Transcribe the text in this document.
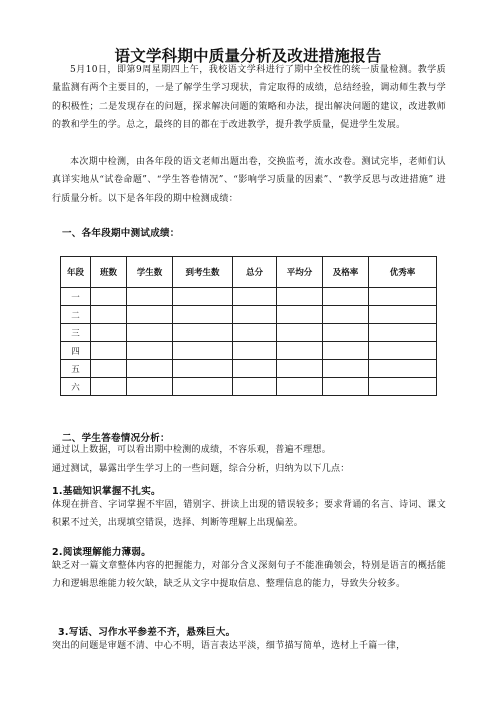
语文学科期中质量分析及改进措施报告

5月10日，即第9周星期四上午，我校语文学科进行了期中全校性的统一质量检测。教学质量监测有两个主要目的，一是了解学生学习现状，肯定取得的成绩，总结经验，调动师生教与学的积极性；二是发现存在的问题，探求解决问题的策略和办法，提出解决问题的建议，改进教师的教和学生的学。总之，最终的目的都在于改进教学，提升教学质量，促进学生发展。

本次期中检测，由各年段的语文老师出题出卷，交换监考，流水改卷。测试完毕，老师们认真详实地从“试卷命题”、“学生答卷情况”、“影响学习质量的因素”、“教学反思与改进措施” 进行质量分析。以下是各年段的期中检测成绩：

一、各年段期中测试成绩：
年段	班数	学生数	到考生数	总分	平均分	及格率	优秀率
一							
二							
三							
四							
五							
六							
二、学生答卷情况分析：

通过以上数据，可以看出期中检测的成绩，不容乐观，普遍不理想。

通过测试，暴露出学生学习上的一些问题，综合分析，归纳为以下几点：

1.基础知识掌握不扎实。

体现在拼音、字词掌握不牢固，错别字、拼读上出现的错误较多；要求背诵的名言、诗词、课文积累不过关，出现填空错误，选择、判断等理解上出现偏差。

2.阅读理解能力薄弱。

缺乏对一篇文章整体内容的把握能力，对部分含义深刻句子不能准确领会，特别是语言的概括能力和逻辑思维能力较欠缺，缺乏从文字中提取信息、整理信息的能力，导致失分较多。

3.写话、习作水平参差不齐，悬殊巨大。

突出的问题是审题不清、中心不明，语言表达平淡，细节描写简单，选材上千篇一律，
